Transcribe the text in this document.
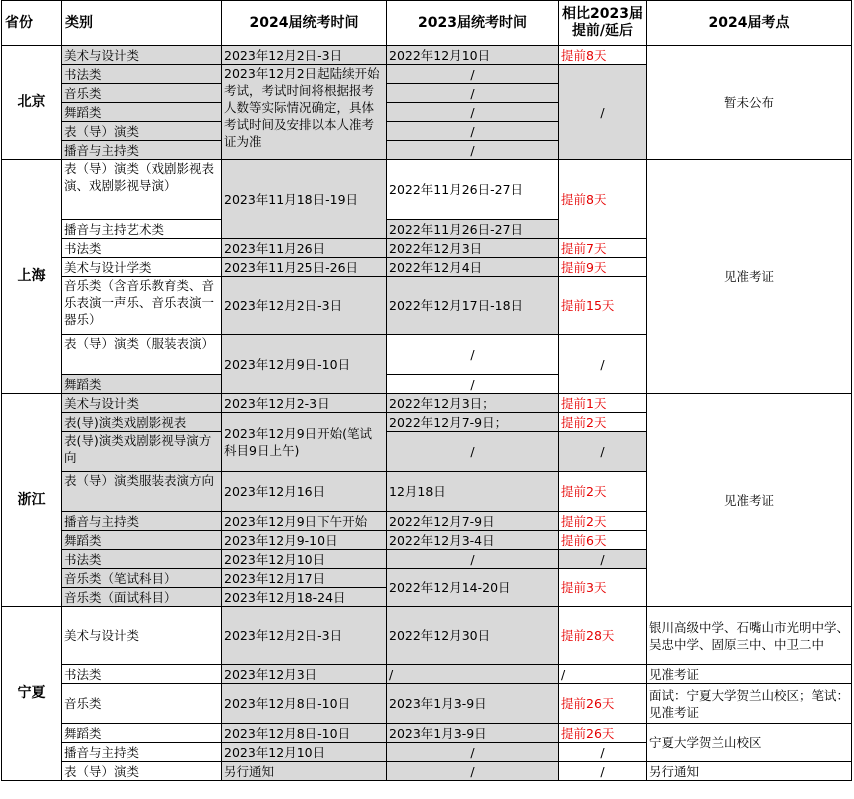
省份	类别	2024届统考时间	2023届统考时间	相比2023届提前/延后	2024届考点
北京	美术与设计类	2023年12月2日-3日	2022年12月10日	提前8天	暂未公布
	书法类	2023年12月2日起陆续开始考试，考试时间将根据报考人数等实际情况确定，具体考试时间及安排以本人准考证为准	/	/	
	音乐类		/		
	舞蹈类		/		
	表（导）演类		/		
	播音与主持类		/		
上海	表（导）演类（戏剧影视表演、戏剧影视导演）	2023年11月18日-19日	2022年11月26日-27日	提前8天	见准考证
	播音与主持艺术类		2022年11月26日-27日		
	书法类	2023年11月26日	2022年12月3日	提前7天	
	美术与设计学类	2023年11月25日-26日	2022年12月4日	提前9天	
	音乐类（含音乐教育类、音乐表演一声乐、音乐表演一器乐）	2023年12月2日-3日	2022年12月17日-18日	提前15天	
	表（导）演类（服装表演）	2023年12月9日-10日	/	/	
	舞蹈类		/		
浙江	美术与设计类	2023年12月2-3日	2022年12月3日；	提前1天	见准考证
	表(导)演类戏剧影视表	2023年12月9日开始(笔试科目9日上午)	2022年12月7-9日；	提前2天	
	表(导)演类戏剧影视导演方向		/	/	
	表（导）演类服装表演方向	2023年12月16日	12月18日	提前2天	
	播音与主持类	2023年12月9日下午开始	2022年12月7-9日	提前2天	
	舞蹈类	2023年12月9-10日	2022年12月3-4日	提前6天	
	书法类	2023年12月10日	/	/	
	音乐类（笔试科目）	2023年12月17日	2022年12月14-20日	提前3天	
	音乐类（面试科目）	2023年12月18-24日			
宁夏	美术与设计类	2023年12月2日-3日	2022年12月30日	提前28天	银川高级中学、石嘴山市光明中学、吴忠中学、固原三中、中卫二中
	书法类	2023年12月3日	/	/	见准考证
	音乐类	2023年12月8日-10日	2023年1月3-9日	提前26天	面试：宁夏大学贺兰山校区；笔试：见准考证
	舞蹈类	2023年12月8日-10日	2023年1月3-9日	提前26天	宁夏大学贺兰山校区
	播音与主持类	2023年12月10日	/	/	
	表（导）演类	另行通知	/	/	另行通知
